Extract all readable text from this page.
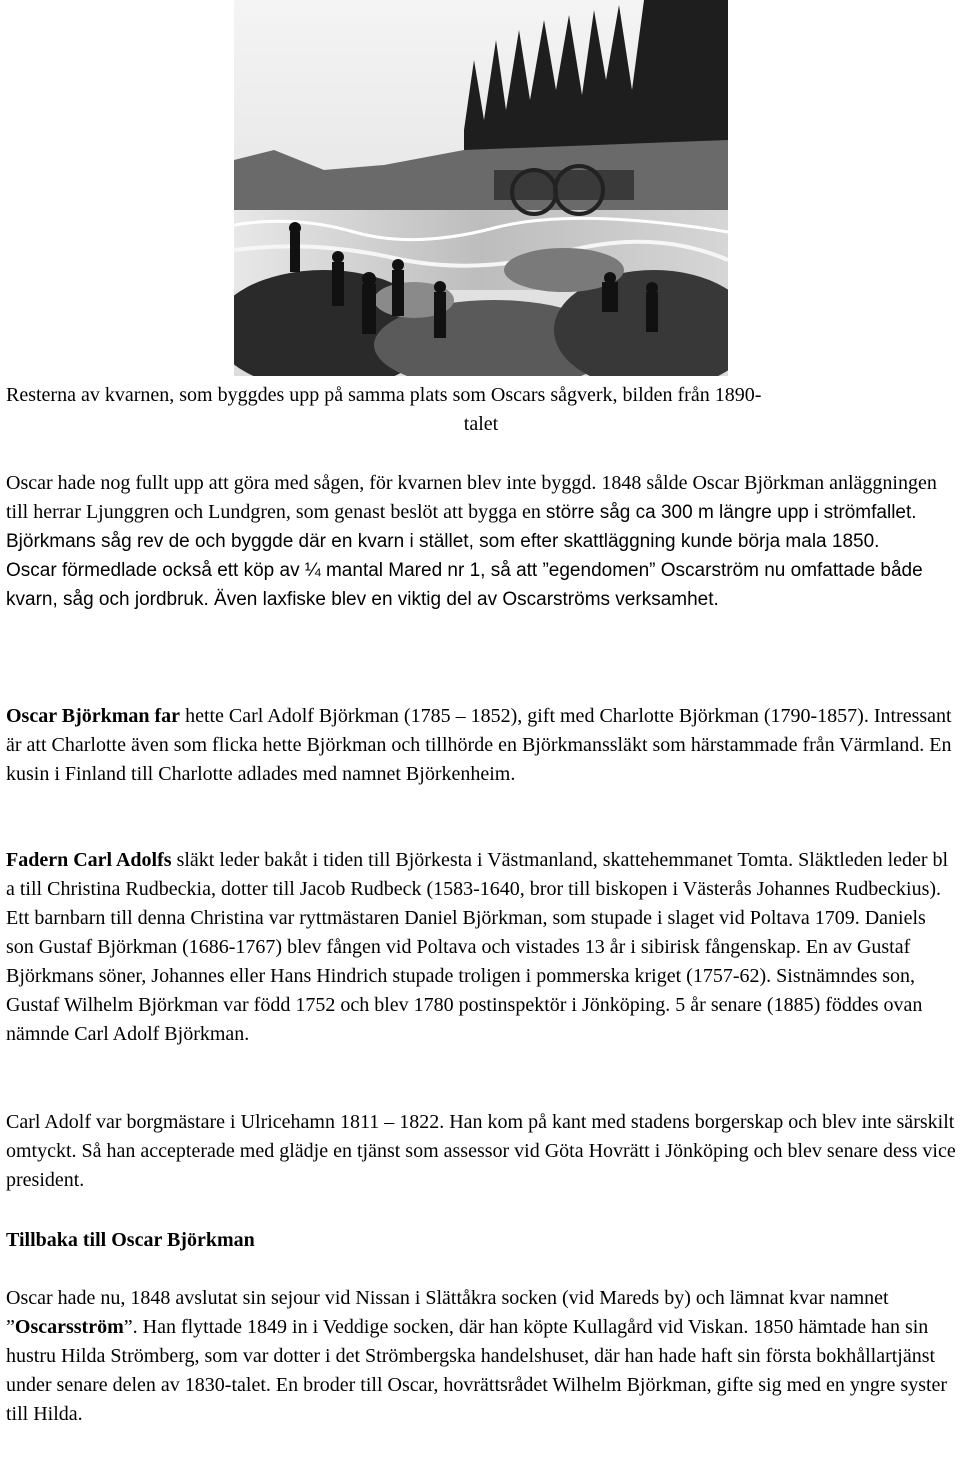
Resterna av kvarnen, som byggdes upp på samma plats som Oscars sågverk, bilden från 1890-

talet

Oscar hade nog fullt upp att göra med sågen, för kvarnen blev inte byggd. 1848 sålde Oscar Björkman anläggningen till herrar Ljunggren och Lundgren, som genast beslöt att bygga en större såg ca 300 m längre upp i strömfallet. Björkmans såg rev de och byggde där en kvarn i stället, som efter skattläggning kunde börja mala 1850.
Oscar förmedlade också ett köp av ¼ mantal Mared nr 1, så att ”egendomen” Oscarström nu omfattade både kvarn, såg och jordbruk. Även laxfiske blev en viktig del av Oscarströms verksamhet.
Oscar Björkman far hette Carl Adolf Björkman (1785 – 1852), gift med Charlotte Björkman (1790-1857). Intressant är att Charlotte även som flicka hette Björkman och tillhörde en Björkmanssläkt som härstammade från Värmland. En kusin i Finland till Charlotte adlades med namnet Björkenheim.
Fadern Carl Adolfs släkt leder bakåt i tiden till Björkesta i Västmanland, skattehemmanet Tomta. Släktleden leder bl a till Christina Rudbeckia, dotter till Jacob Rudbeck (1583-1640, bror till biskopen i Västerås Johannes Rudbeckius). Ett barnbarn till denna Christina var ryttmästaren Daniel Björkman, som stupade i slaget vid Poltava 1709. Daniels son Gustaf Björkman (1686-1767) blev fången vid Poltava och vistades 13 år i sibirisk fångenskap. En av Gustaf Björkmans söner, Johannes eller Hans Hindrich stupade troligen i pommerska kriget (1757-62). Sistnämndes son, Gustaf Wilhelm Björkman var född 1752 och blev 1780 postinspektör i Jönköping. 5 år senare (1885) föddes ovan nämnde Carl Adolf Björkman.

Carl Adolf var borgmästare i Ulricehamn 1811 – 1822. Han kom på kant med stadens borgerskap och blev inte särskilt omtyckt. Så han accepterade med glädje en tjänst som assessor vid Göta Hovrätt i Jönköping och blev senare dess vice president.

Tillbaka till Oscar Björkman

Oscar hade nu, 1848 avslutat sin sejour vid Nissan i Slättåkra socken (vid Mareds by) och lämnat kvar namnet ”Oscarsström”. Han flyttade 1849 in i Veddige socken, där han köpte Kullagård vid Viskan. 1850 hämtade han sin hustru Hilda Strömberg, som var dotter i det Strömbergska handelshuset, där han hade haft sin första bokhållartjänst under senare delen av 1830-talet. En broder till Oscar, hovrättsrådet Wilhelm Björkman, gifte sig med en yngre syster till Hilda.
